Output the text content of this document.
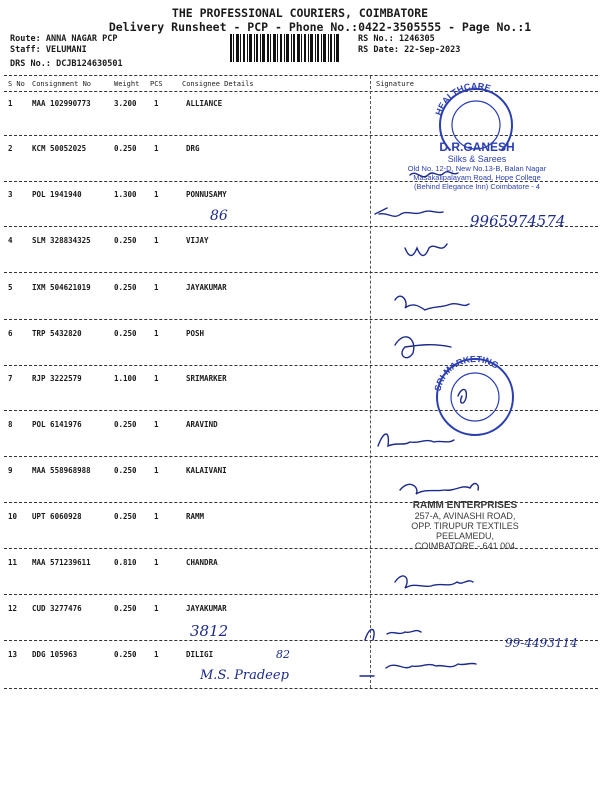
THE PROFESSIONAL COURIERS, COIMBATORE
Delivery Runsheet - PCP - Phone No.:0422-3505555 - Page No.:1
Route: ANNA NAGAR PCP
Staff: VELUMANI
DRS No.: DCJB124630501
RS No.: 1246305
RS Date: 22-Sep-2023
S No Consignment No	Weight PCS	Consignee Details	Signature
1	MAA 102990773	3.200 1	ALLIANCE
2	KCM 50052025	0.250 1	DRG
3	POL 1941940	1.300 1	PONNUSAMY
4	SLM 328834325	0.250 1	VIJAY
5	IXM 504621019	0.250 1	JAYAKUMAR
6	TRP 5432820	0.250 1	POSH
7	RJP 3222579	1.100 1	SRIMARKER
8	POL 6141976	0.250 1	ARAVIND
9	MAA 558968988	0.250 1	KALAIVANI
10 UPT 6060928	0.250 1	RAMM
11 MAA 571239611	0.810 1	CHANDRA
12 CUD 3277476	0.250 1	JAYAKUMAR
13 DDG 105963	0.250 1	DILIGI
HEALTHCARE
D.R.GANESH
Silks & Sarees
Old No. 12-D, New No.13-B, Balan Nagar
Masakalipalayam Road, Hope College
(Behind Elegance Inn) Coimbatore - 4
SRI MARKETING
RAMM ENTERPRISES
257-A, AVINASHI ROAD,
OPP. TIRUPUR TEXTILES
PEELAMEDU,
COIMBATORE - 641 004
86	9965974574
3812
99-4493114
82
M.S. Pradeep
